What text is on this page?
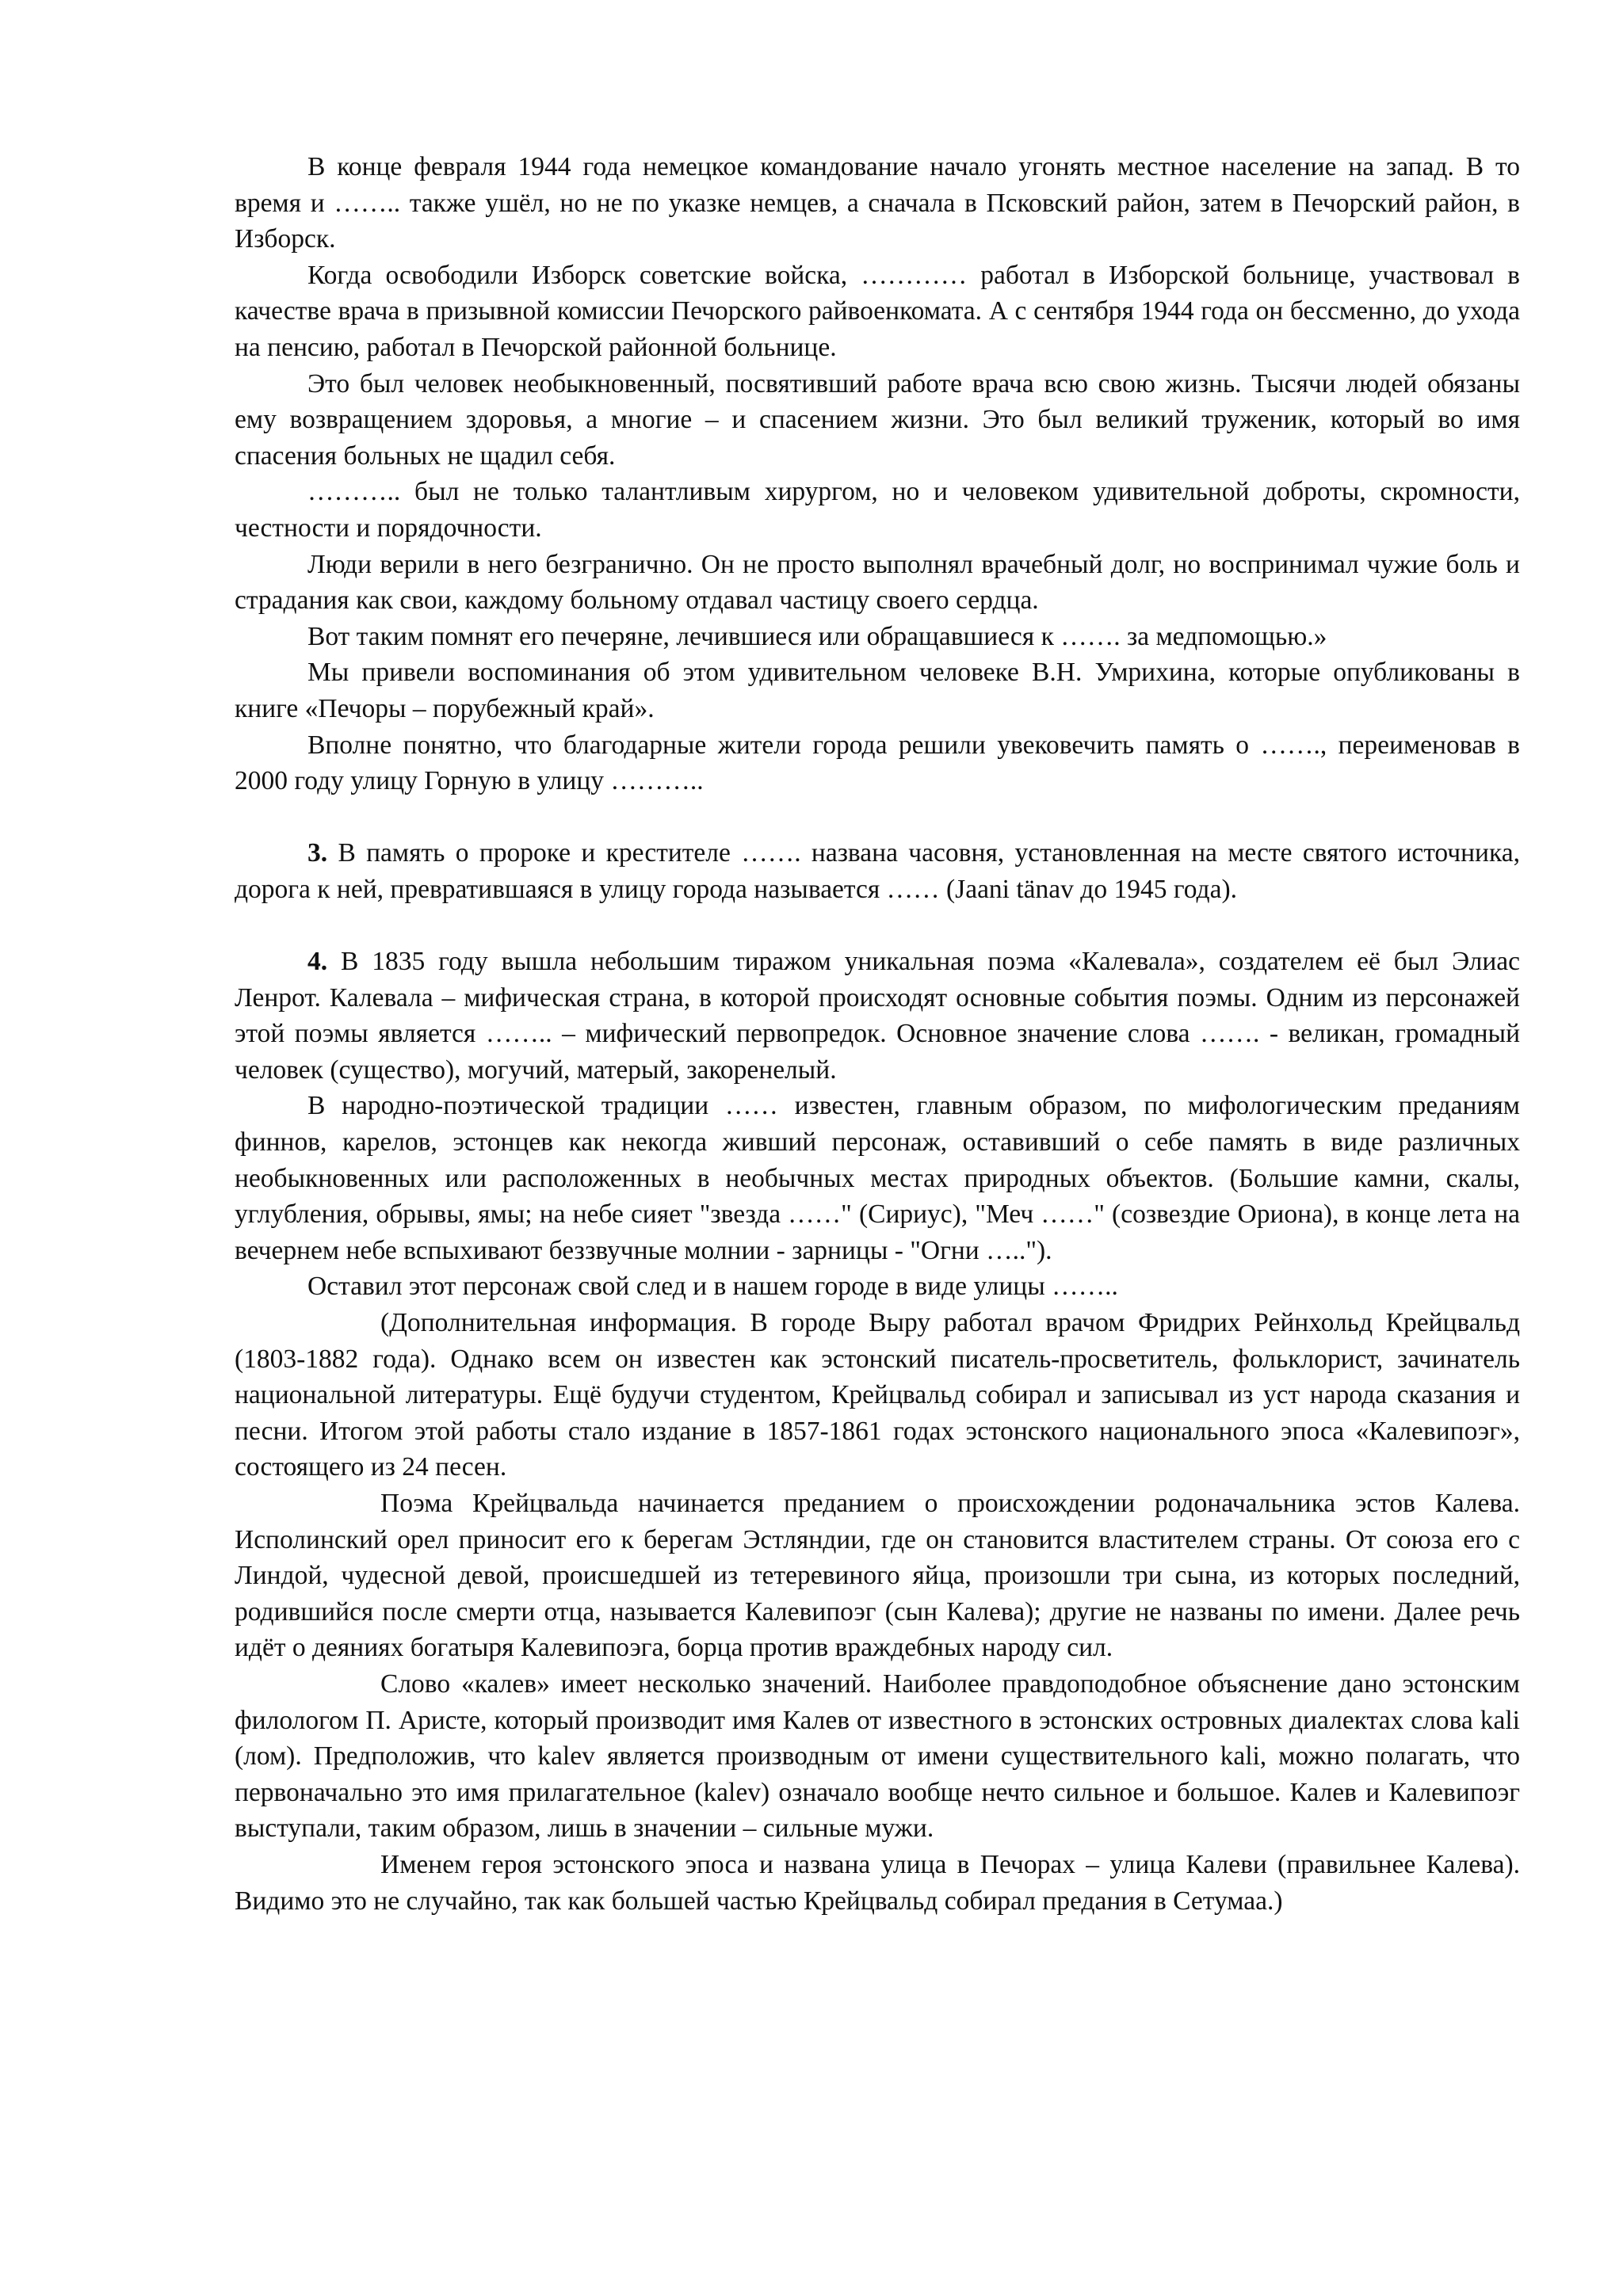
В конце февраля 1944 года немецкое командование начало угонять местное население на запад. В то время и …….. также ушёл, но не по указке немцев, а сначала в Псковский район, затем в Печорский район, в Изборск.

Когда освободили Изборск советские войска, ………… работал в Изборской больнице, участвовал в качестве врача в призывной комиссии Печорского райвоенкомата. А с сентября 1944 года он бессменно, до ухода на пенсию, работал в Печорской районной больнице.

Это был человек необыкновенный, посвятивший работе врача всю свою жизнь. Тысячи людей обязаны ему возвращением здоровья, а многие – и спасением жизни. Это был великий труженик, который во имя спасения больных не щадил себя.

……….. был не только талантливым хирургом, но и человеком удивительной доброты, скромности, честности и порядочности.

Люди верили в него безгранично. Он не просто выполнял врачебный долг, но воспринимал чужие боль и страдания как свои, каждому больному отдавал частицу своего сердца.

Вот таким помнят его печеряне, лечившиеся или обращавшиеся к ……. за медпомощью.»

Мы привели воспоминания об этом удивительном человеке В.Н. Умрихина, которые опубликованы в книге «Печоры – порубежный край».

Вполне понятно, что благодарные жители города решили увековечить память о ……., переименовав в 2000 году улицу Горную в улицу ………..

3. В память о пророке и крестителе ……. названа часовня, установленная на месте святого источника, дорога к ней, превратившаяся в улицу города называется …… (Jaani tänav до 1945 года).

4. В 1835 году вышла небольшим тиражом уникальная поэма «Калевала», создателем её был Элиас Ленрот. Калевала – мифическая страна, в которой происходят основные события поэмы. Одним из персонажей этой поэмы является …….. – мифический первопредок. Основное значение слова ……. - великан, громадный человек (существо), могучий, матерый, закоренелый.

В народно-поэтической традиции …… известен, главным образом, по мифологическим преданиям финнов, карелов, эстонцев как некогда живший персонаж, оставивший о себе память в виде различных необыкновенных или расположенных в необычных местах природных объектов. (Большие камни, скалы, углубления, обрывы, ямы; на небе сияет "звезда ……" (Сириус), "Меч ……" (созвездие Ориона), в конце лета на вечернем небе вспыхивают беззвучные молнии - зарницы - "Огни …..").

Оставил этот персонаж свой след и в нашем городе в виде улицы ……..

(Дополнительная информация. В городе Выру работал врачом Фридрих Рейнхольд Крейцвальд (1803-1882 года). Однако всем он известен как эстонский писатель-просветитель, фольклорист, зачинатель национальной литературы. Ещё будучи студентом, Крейцвальд собирал и записывал из уст народа сказания и песни. Итогом этой работы стало издание в 1857-1861 годах эстонского национального эпоса «Калевипоэг», состоящего из 24 песен.

Поэма Крейцвальда начинается преданием о происхождении родоначальника эстов Калева. Исполинский орел приносит его к берегам Эстляндии, где он становится властителем страны. От союза его с Линдой, чудесной девой, происшедшей из тетеревиного яйца, произошли три сына, из которых последний, родившийся после смерти отца, называется Калевипоэг (сын Калева); другие не названы по имени. Далее речь идёт о деяниях богатыря Калевипоэга, борца против враждебных народу сил.

Слово «калев» имеет несколько значений. Наиболее правдоподобное объяснение дано эстонским филологом П. Аристе, который производит имя Калев от известного в эстонских островных диалектах слова kali (лом). Предположив, что kalev является производным от имени существительного kali, можно полагать, что первоначально это имя прилагательное (kalev) означало вообще нечто сильное и большое. Калев и Калевипоэг выступали, таким образом, лишь в значении – сильные мужи.

Именем героя эстонского эпоса и названа улица в Печорах – улица Калеви (правильнее Калева). Видимо это не случайно, так как большей частью Крейцвальд собирал предания в Сетумаа.)
